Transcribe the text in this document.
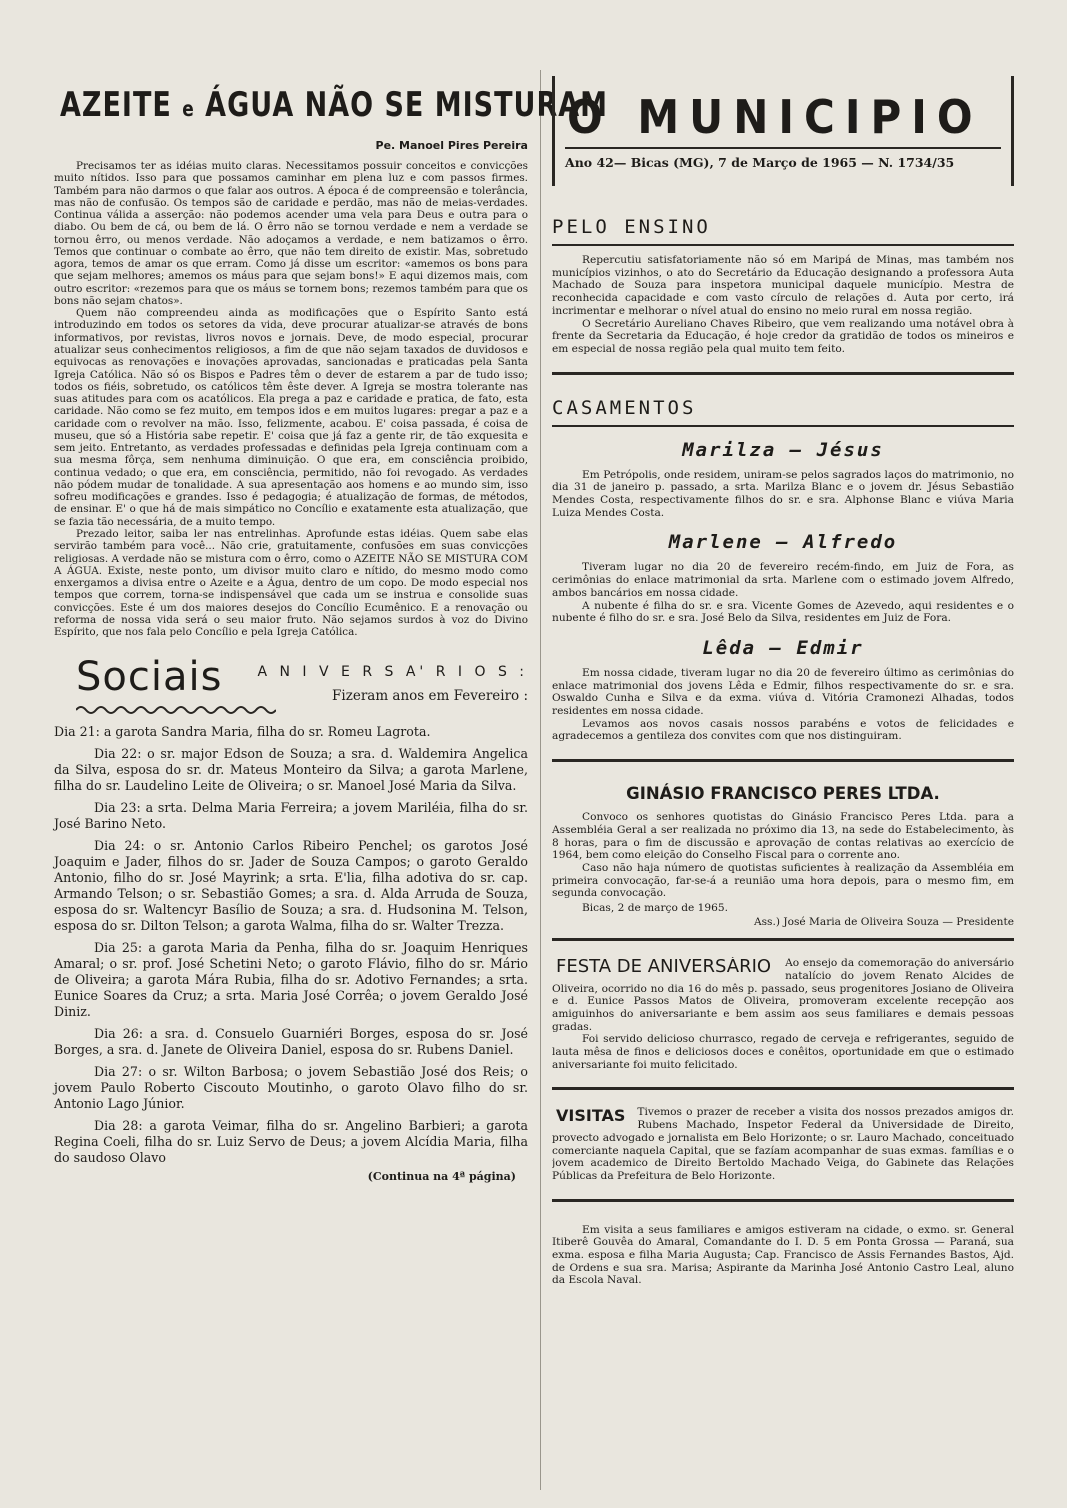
AZEITE e ÁGUA NÃO SE MISTURAM
Pe. Manoel Pires Pereira

Precisamos ter as idéias muito claras. Necessitamos possuir conceitos e convicções muito nítidos. Isso para que possamos caminhar em plena luz e com passos firmes. Também para não darmos o que falar aos outros. A época é de compreensão e tolerância, mas não de confusão. Os tempos são de caridade e perdão, mas não de meias-verdades. Continua válida a asserção: não podemos acender uma vela para Deus e outra para o diabo. Ou bem de cá, ou bem de lá. O êrro não se tornou verdade e nem a verdade se tornou êrro, ou menos verdade. Não adoçamos a verdade, e nem batizamos o êrro. Temos que continuar o combate ao êrro, que não tem direito de existir. Mas, sobretudo agora, temos de amar os que erram. Como já disse um escritor: «amemos os bons para que sejam melhores; amemos os máus para que sejam bons!» E aqui dizemos mais, com outro escritor: «rezemos para que os máus se tornem bons; rezemos também para que os bons não sejam chatos».

Quem não compreendeu ainda as modificações que o Espírito Santo está introduzindo em todos os setores da vida, deve procurar atualizar-se através de bons informativos, por revistas, livros novos e jornais. Deve, de modo especial, procurar atualizar seus conhecimentos religiosos, a fim de que não sejam taxados de duvidosos e equivocas as renovações e inovações aprovadas, sancionadas e praticadas pela Santa Igreja Católica. Não só os Bispos e Padres têm o dever de estarem a par de tudo isso; todos os fiéis, sobretudo, os católicos têm êste dever. A Igreja se mostra tolerante nas suas atitudes para com os acatólicos. Ela prega a paz e caridade e pratica, de fato, esta caridade. Não como se fez muito, em tempos idos e em muitos lugares: pregar a paz e a caridade com o revolver na mão. Isso, felizmente, acabou. E' coisa passada, é coisa de museu, que só a História sabe repetir. E' coisa que já faz a gente rir, de tão exquesita e sem jeito. Entretanto, as verdades professadas e definidas pela Igreja continuam com a sua mesma fôrça, sem nenhuma diminuição. O que era, em consciência proibido, continua vedado; o que era, em consciência, permitido, não foi revogado. As verdades não pódem mudar de tonalidade. A sua apresentação aos homens e ao mundo sim, isso sofreu modificações e grandes. Isso é pedagogia; é atualização de formas, de métodos, de ensinar. E' o que há de mais simpático no Concílio e exatamente esta atualização, que se fazia tão necessária, de a muito tempo.

Prezado leitor, saiba ler nas entrelinhas. Aprofunde estas idéias. Quem sabe elas servirão também para você... Não crie, gratuitamente, confusões em suas convicções religiosas. A verdade não se mistura com o êrro, como o AZEITE NÃO SE MISTURA COM A ÁGUA. Existe, neste ponto, um divisor muito claro e nítido, do mesmo modo como enxergamos a divisa entre o Azeite e a Água, dentro de um copo. De modo especial nos tempos que correm, torna-se indispensável que cada um se instrua e consolide suas convicções. Este é um dos maiores desejos do Concílio Ecumênico. E a renovação ou reforma de nossa vida será o seu maior fruto. Não sejamos surdos à voz do Divino Espírito, que nos fala pelo Concílio e pela Igreja Católica.

Sociais	A N I V E R S A' R I O S :
Fizeram anos em Fevereiro :

Dia 21: a garota Sandra Maria, filha do sr. Romeu Lagrota.

Dia 22: o sr. major Edson de Souza; a sra. d. Waldemira Angelica da Silva, esposa do sr. dr. Mateus Monteiro da Silva; a garota Marlene, filha do sr. Laudelino Leite de Oliveira; o sr. Manoel José Maria da Silva.

Dia 23: a srta. Delma Maria Ferreira; a jovem Mariléia, filha do sr. José Barino Neto.

Dia 24: o sr. Antonio Carlos Ribeiro Penchel; os garotos José Joaquim e Jader, filhos do sr. Jader de Souza Campos; o garoto Geraldo Antonio, filho do sr. José Mayrink; a srta. E'lia, filha adotiva do sr. cap. Armando Telson; o sr. Sebastião Gomes; a sra. d. Alda Arruda de Souza, esposa do sr. Waltencyr Basílio de Souza; a sra. d. Hudsonina M. Telson, esposa do sr. Dilton Telson; a garota Walma, filha do sr. Walter Trezza.

Dia 25: a garota Maria da Penha, filha do sr. Joaquim Henriques Amaral; o sr. prof. José Schetini Neto; o garoto Flávio, filho do sr. Mário de Oliveira; a garota Mára Rubia, filha do sr. Adotivo Fernandes; a srta. Eunice Soares da Cruz; a srta. Maria José Corrêa; o jovem Geraldo José Diniz.

Dia 26: a sra. d. Consuelo Guarniéri Borges, esposa do sr. José Borges, a sra. d. Janete de Oliveira Daniel, esposa do sr. Rubens Daniel.

Dia 27: o sr. Wilton Barbosa; o jovem Sebastião José dos Reis; o jovem Paulo Roberto Ciscouto Moutinho, o garoto Olavo filho do sr. Antonio Lago Júnior.

Dia 28: a garota Veimar, filha do sr. Angelino Barbieri; a garota Regina Coeli, filha do sr. Luiz Servo de Deus; a jovem Alcídia Maria, filha do saudoso Olavo

(Continua na 4ª página)
O MUNICIPIO
Ano 42— Bicas (MG), 7 de Março de 1965 — N. 1734/35
PELO ENSINO

Repercutiu satisfatoriamente não só em Maripá de Minas, mas também nos municípios vizinhos, o ato do Secretário da Educação designando a professora Auta Machado de Souza para inspetora municipal daquele município. Mestra de reconhecida capacidade e com vasto círculo de relações d. Auta por certo, irá incrimentar e melhorar o nível atual do ensino no meio rural em nossa região.

O Secretário Aureliano Chaves Ribeiro, que vem realizando uma notável obra à frente da Secretaria da Educação, é hoje credor da gratidão de todos os mineiros e em especial de nossa região pela qual muito tem feito.

CASAMENTOS
Marilza — Jésus

Em Petrópolis, onde residem, uniram-se pelos sagrados laços do matrimonio, no dia 31 de janeiro p. passado, a srta. Marilza Blanc e o jovem dr. Jésus Sebastião Mendes Costa, respectivamente filhos do sr. e sra. Alphonse Blanc e viúva Maria Luiza Mendes Costa.

Marlene — Alfredo

Tiveram lugar no dia 20 de fevereiro recém-findo, em Juiz de Fora, as cerimônias do enlace matrimonial da srta. Marlene com o estimado jovem Alfredo, ambos bancários em nossa cidade.

A nubente é filha do sr. e sra. Vicente Gomes de Azevedo, aqui residentes e o nubente é filho do sr. e sra. José Belo da Silva, residentes em Juiz de Fora.

Lêda — Edmir

Em nossa cidade, tiveram lugar no dia 20 de fevereiro último as cerimônias do enlace matrimonial dos jovens Lêda e Edmir, filhos respectivamente do sr. e sra. Oswaldo Cunha e Silva e da exma. viúva d. Vitória Cramonezi Alhadas, todos residentes em nossa cidade.

Levamos aos novos casais nossos parabéns e votos de felicidades e agradecemos a gentileza dos convites com que nos distinguiram.

GINÁSIO FRANCISCO PERES LTDA.

Convoco os senhores quotistas do Ginásio Francisco Peres Ltda. para a Assembléia Geral a ser realizada no próximo dia 13, na sede do Estabelecimento, às 8 horas, para o fim de discussão e aprovação de contas relativas ao exercício de 1964, bem como eleição do Conselho Fiscal para o corrente ano.

Caso não haja número de quotistas suficientes à realização da Assembléia em primeira convocação, far-se-á a reunião uma hora depois, para o mesmo fim, em segunda convocação.

Bicas, 2 de março de 1965.
Ass.) José Maria de Oliveira Souza — Presidente
FESTA DE ANIVERSÁRIO	Ao ensejo da comemoração do aniversário natalício do jovem Renato Alcides de Oliveira, ocorrido no dia 16 do mês p. passado, seus progenitores Josiano de Oliveira e d. Eunice Passos Matos de Oliveira, promoveram excelente recepção aos amiguinhos do aniversariante e bem assim aos seus familiares e demais pessoas gradas.

Foi servido delicioso churrasco, regado de cerveja e refrigerantes, seguido de lauta mêsa de finos e deliciosos doces e conêitos, oportunidade em que o estimado aniversariante foi muito felicitado.

VISITAS	Tivemos o prazer de receber a visita dos nossos prezados amigos dr. Rubens Machado, Inspetor Federal da Universidade de Direito, provecto advogado e jornalista em Belo Horizonte; o sr. Lauro Machado, conceituado comerciante naquela Capital, que se fazíam acompanhar de suas exmas. famílias e o jovem academico de Direito Bertoldo Machado Veiga, do Gabinete das Relações Públicas da Prefeitura de Belo Horizonte.

Em visita a seus familiares e amigos estiveram na cidade, o exmo. sr. General Itiberê Gouvêa do Amaral, Comandante do I. D. 5 em Ponta Grossa — Paraná, sua exma. esposa e filha Maria Augusta; Cap. Francisco de Assis Fernandes Bastos, Ajd. de Ordens e sua sra. Marisa; Aspirante da Marinha José Antonio Castro Leal, aluno da Escola Naval.
